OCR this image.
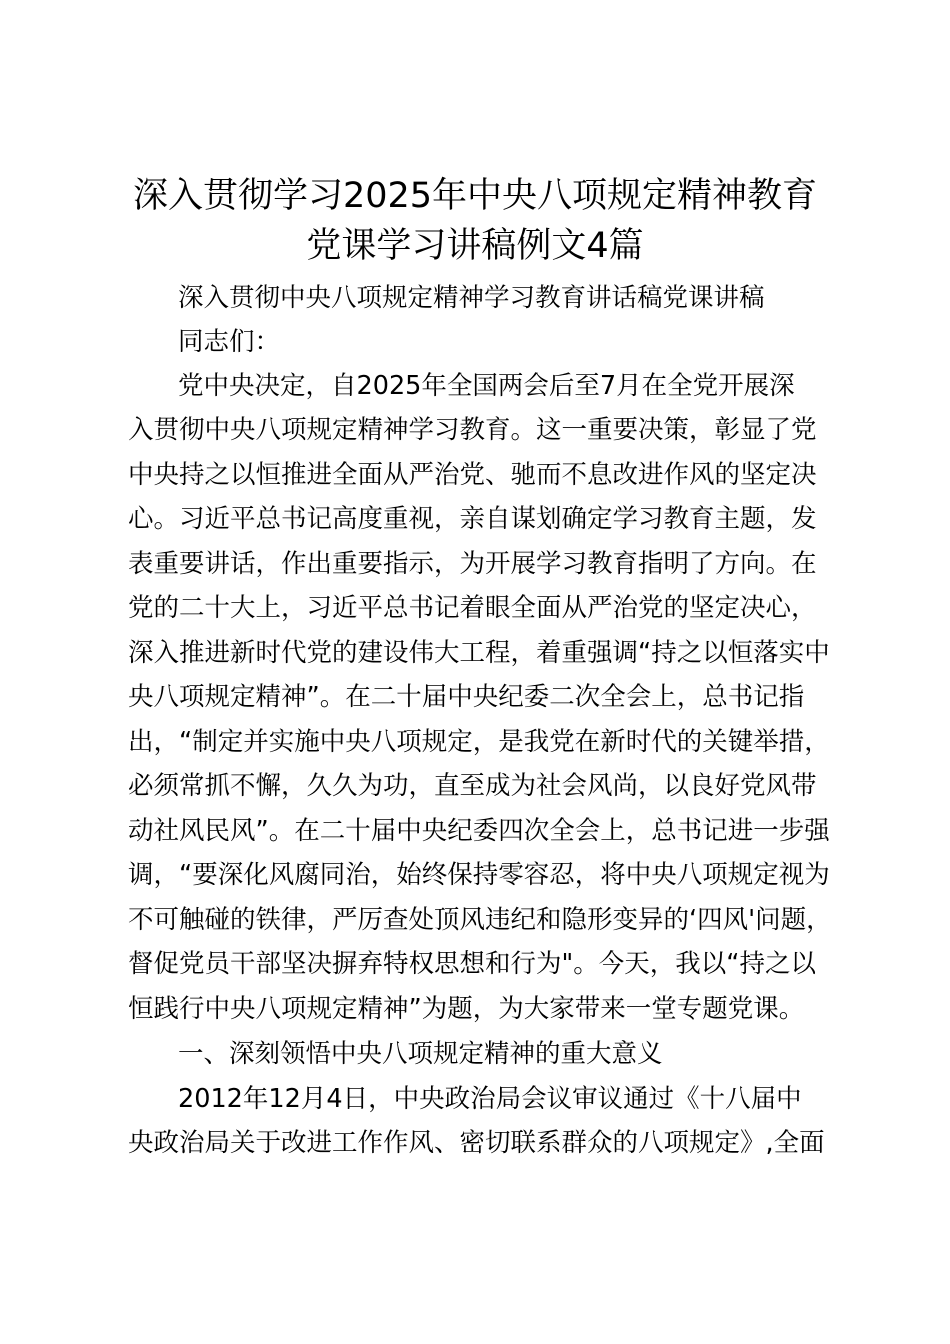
深入贯彻学习2025年中央八项规定精神教育
党课学习讲稿例文4篇

深入贯彻中央八项规定精神学习教育讲话稿党课讲稿

同志们：

党中央决定，自2025年全国两会后至7月在全党开展深

入贯彻中央八项规定精神学习教育。这一重要决策，彰显了党

中央持之以恒推进全面从严治党、驰而不息改进作风的坚定决

心。习近平总书记高度重视，亲自谋划确定学习教育主题，发

表重要讲话，作出重要指示，为开展学习教育指明了方向。在

党的二十大上，习近平总书记着眼全面从严治党的坚定决心，

深入推进新时代党的建设伟大工程，着重强调“持之以恒落实中

央八项规定精神”。在二十届中央纪委二次全会上，总书记指

出，“制定并实施中央八项规定，是我党在新时代的关键举措，

必须常抓不懈，久久为功，直至成为社会风尚，以良好党风带

动社风民风”。在二十届中央纪委四次全会上，总书记进一步强

调，“要深化风腐同治，始终保持零容忍，将中央八项规定视为

不可触碰的铁律，严厉查处顶风违纪和隐形变异的‘四风'问题，

督促党员干部坚决摒弃特权思想和行为"。今天，我以“持之以

恒践行中央八项规定精神”为题，为大家带来一堂专题党课。

一、深刻领悟中央八项规定精神的重大意义

2012年12月4日，中央政治局会议审议通过《十八届中

央政治局关于改进工作作风、密切联系群众的八项规定》,全面
